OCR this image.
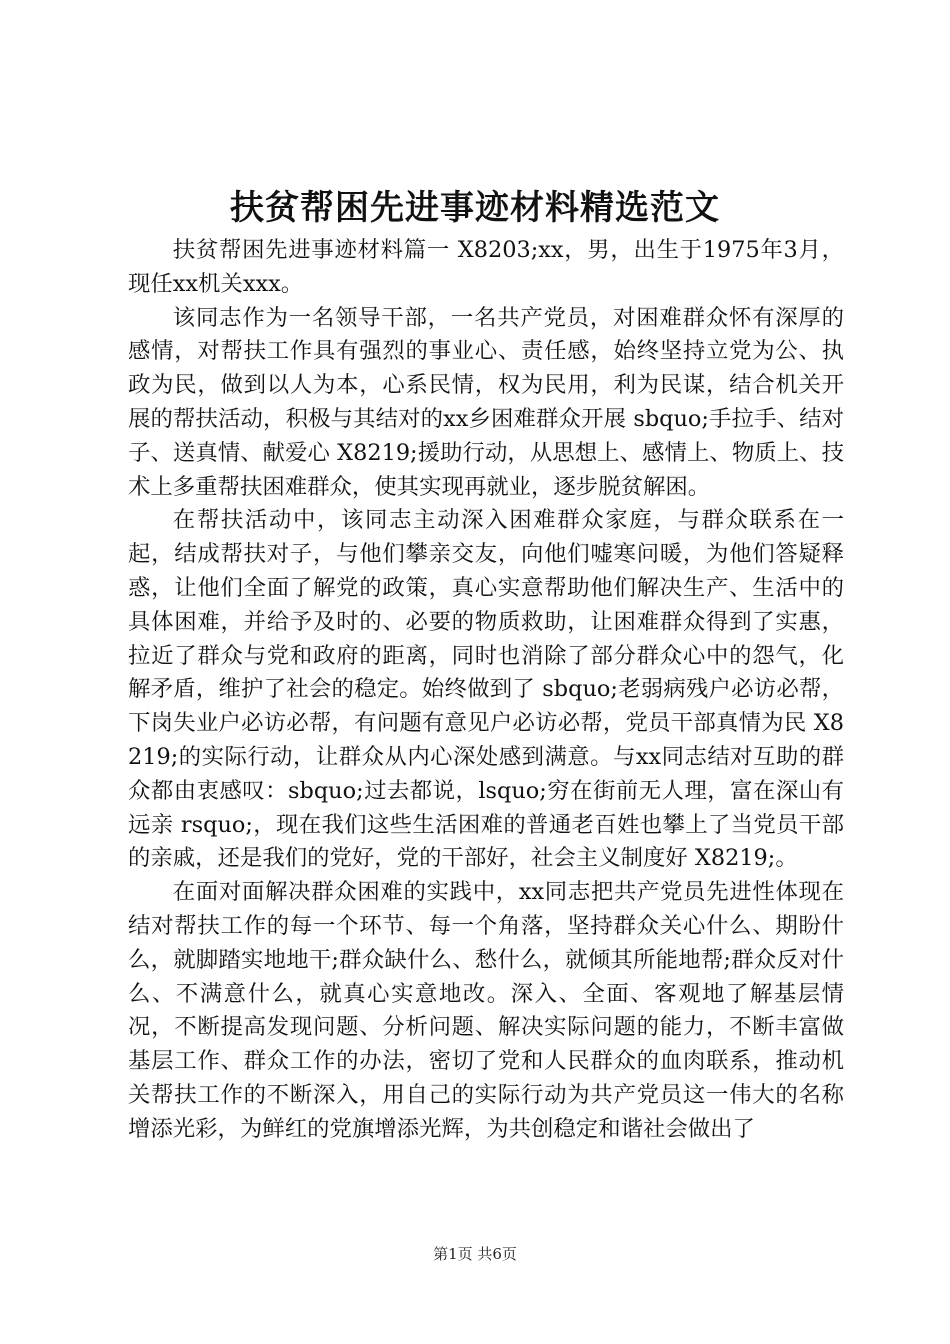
扶贫帮困先进事迹材料精选范文

扶贫帮困先进事迹材料篇一 X8203;xx，男，出生于1975年3月，现任xx机关xxx。

该同志作为一名领导干部，一名共产党员，对困难群众怀有深厚的感情，对帮扶工作具有强烈的事业心、责任感，始终坚持立党为公、执政为民，做到以人为本，心系民情，权为民用，利为民谋，结合机关开展的帮扶活动，积极与其结对的xx乡困难群众开展 sbquo;手拉手、结对子、送真情、献爱心 X8219;援助行动，从思想上、感情上、物质上、技术上多重帮扶困难群众，使其实现再就业，逐步脱贫解困。

在帮扶活动中，该同志主动深入困难群众家庭，与群众联系在一起，结成帮扶对子，与他们攀亲交友，向他们嘘寒问暖，为他们答疑释惑，让他们全面了解党的政策，真心实意帮助他们解决生产、生活中的具体困难，并给予及时的、必要的物质救助，让困难群众得到了实惠，拉近了群众与党和政府的距离，同时也消除了部分群众心中的怨气，化解矛盾，维护了社会的稳定。始终做到了 sbquo;老弱病残户必访必帮，下岗失业户必访必帮，有问题有意见户必访必帮，党员干部真情为民 X8219;的实际行动，让群众从内心深处感到满意。与xx同志结对互助的群众都由衷感叹：sbquo;过去都说，lsquo;穷在街前无人理，富在深山有远亲 rsquo;，现在我们这些生活困难的普通老百姓也攀上了当党员干部的亲戚，还是我们的党好，党的干部好，社会主义制度好 X8219;。

在面对面解决群众困难的实践中，xx同志把共产党员先进性体现在结对帮扶工作的每一个环节、每一个角落，坚持群众关心什么、期盼什么，就脚踏实地地干;群众缺什么、愁什么，就倾其所能地帮;群众反对什么、不满意什么，就真心实意地改。深入、全面、客观地了解基层情况，不断提高发现问题、分析问题、解决实际问题的能力，不断丰富做基层工作、群众工作的办法，密切了党和人民群众的血肉联系，推动机关帮扶工作的不断深入，用自己的实际行动为共产党员这一伟大的名称增添光彩，为鲜红的党旗增添光辉，为共创稳定和谐社会做出了

第1页 共6页
